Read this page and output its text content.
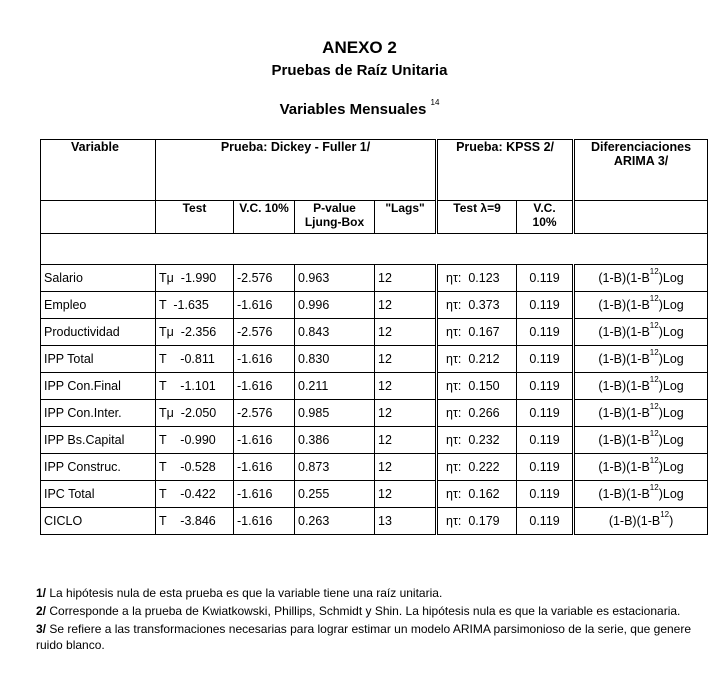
ANEXO 2
Pruebas de Raíz Unitaria
Variables Mensuales $^{14}$
Variable	Prueba: Dickey - Fuller 1/				Prueba: KPSS 2/		Diferenciaciones ARIMA 3/
	Test	V.C. 10%	P-value Ljung-Box	"Lags"	Test λ=9	V.C. 10%	

Salario	Tμ  -1.990	-2.576	0.963	12	ητ:  0.123	0.119	$(1-B)(1-B^{12})Log$
Empleo	T  -1.635	-1.616	0.996	12	ητ:  0.373	0.119	$(1-B)(1-B^{12})Log$
Productividad	Tμ  -2.356	-2.576	0.843	12	ητ:  0.167	0.119	$(1-B)(1-B^{12})Log$
IPP Total	T    -0.811	-1.616	0.830	12	ητ:  0.212	0.119	$(1-B)(1-B^{12})Log$
IPP Con.Final	T    -1.101	-1.616	0.211	12	ητ:  0.150	0.119	$(1-B)(1-B^{12})Log$
IPP Con.Inter.	Tμ  -2.050	-2.576	0.985	12	ητ:  0.266	0.119	$(1-B)(1-B^{12})Log$
IPP Bs.Capital	T    -0.990	-1.616	0.386	12	ητ:  0.232	0.119	$(1-B)(1-B^{12})Log$
IPP Construc.	T    -0.528	-1.616	0.873	12	ητ:  0.222	0.119	$(1-B)(1-B^{12})Log$
IPC Total	T    -0.422	-1.616	0.255	12	ητ:  0.162	0.119	$(1-B)(1-B^{12})Log$
CICLO	T    -3.846	-1.616	0.263	13	ητ:  0.179	0.119	$(1-B)(1-B^{12})$

1/ La hipótesis nula de esta prueba es que la variable tiene una raíz unitaria.

2/ Corresponde a la prueba de Kwiatkowski, Phillips, Schmidt y Shin. La hipótesis nula es que la variable es estacionaria.

3/ Se refiere a las transformaciones necesarias para lograr estimar un modelo ARIMA parsimonioso de la serie, que genere ruido blanco.
